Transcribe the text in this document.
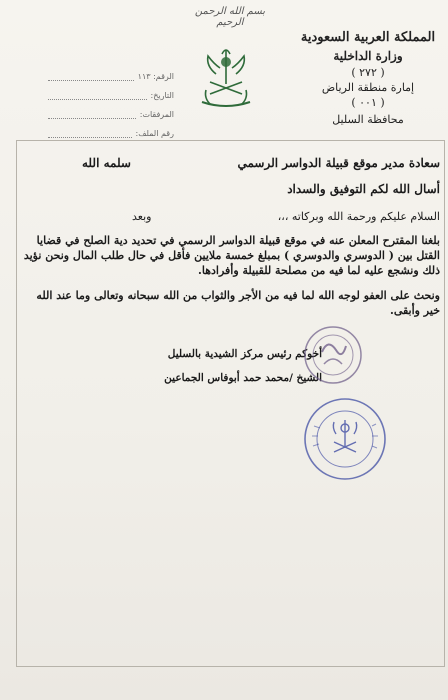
بسم الله الرحمن الرحيم
المملكة العربية السعودية
وزارة الداخلية
( ٢٧٢ )
إمارة منطقة الرياض
( ٠٠١ )
محافظة السليل
الرقم: ١١٣
التاريخ:
المرفقات:
رقم الملف:
سعادة مدير موقع قبيلة الدواسر الرسمي
سلمه الله
أسال الله لكم التوفيق والسداد
السلام عليكم ورحمة الله وبركاته ،،،
وبعد

بلغنا المقترح المعلن عنه في موقع قبيلة الدواسر الرسمي في تحديد دية الصلح في قضايا القتل بين ( الدوسري والدوسري ) بمبلغ خمسة ملايين فأقل في حال طلب المال ونحن نؤيد ذلك ونشجع عليه لما فيه من مصلحة للقبيلة وأفرادها.

ونحث على العفو لوجه الله لما فيه من الأجر والثواب من الله سبحانه وتعالى وما عند الله خير وأبقى.

أخوكم رئيس مركز الشيدية بالسليل
الشيخ /محمد حمد أبوفاس الجماعين
